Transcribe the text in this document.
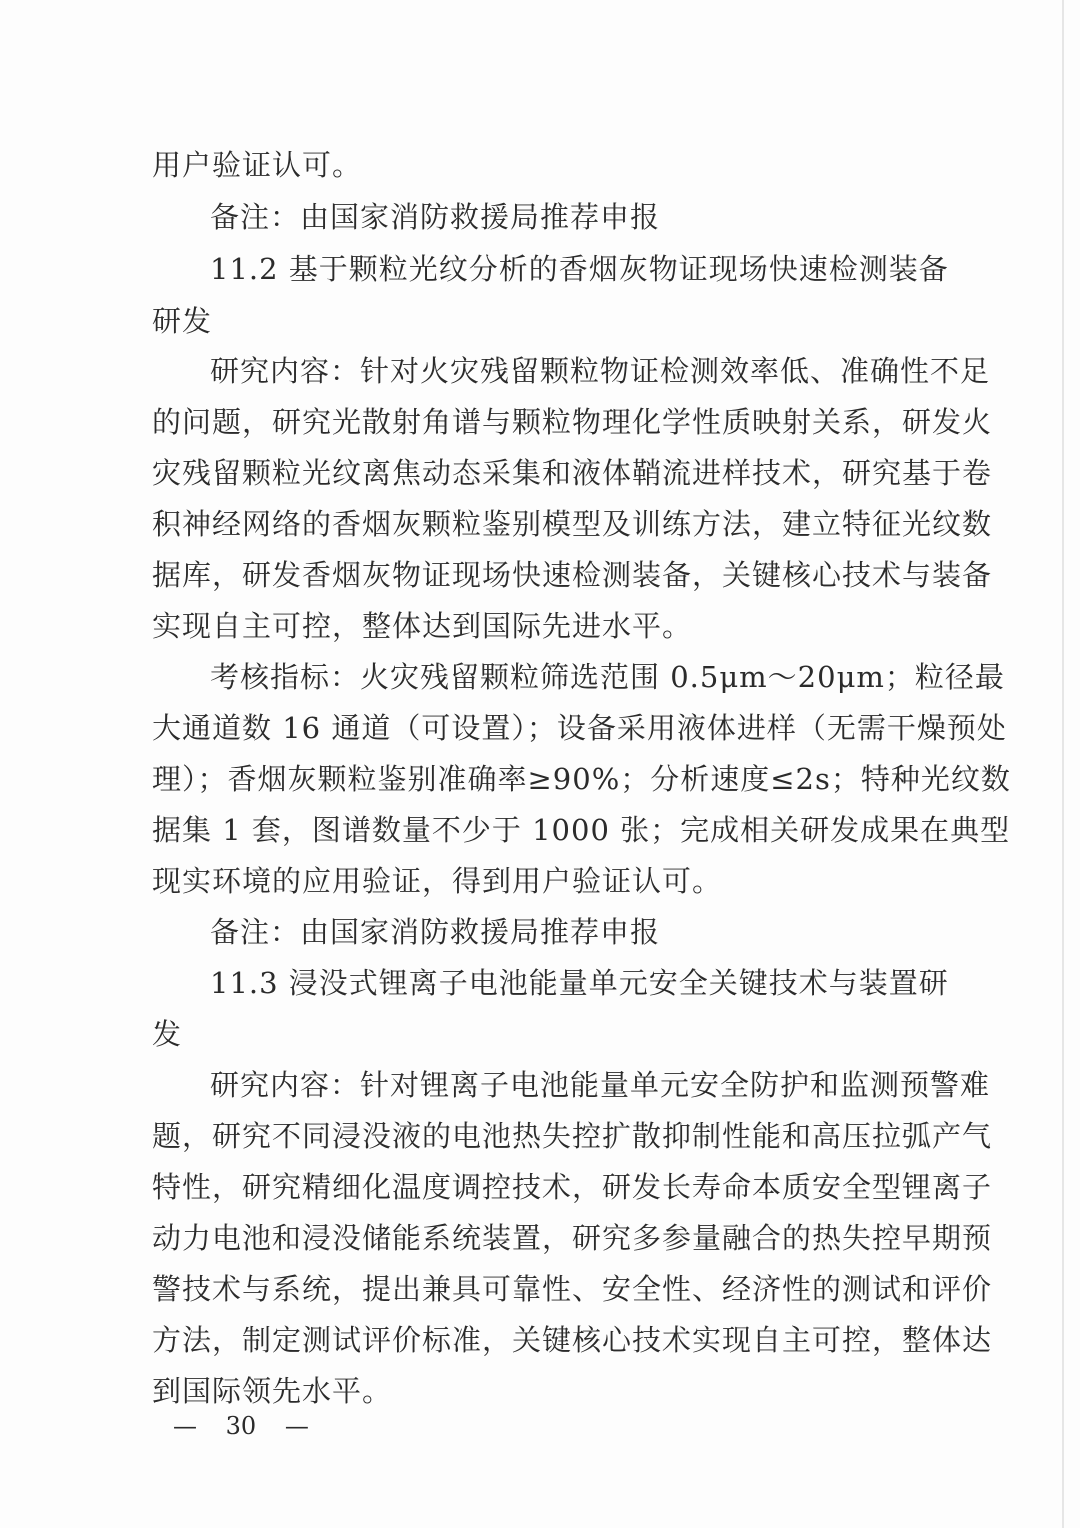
用户验证认可。
备注：由国家消防救援局推荐申报
11.2 基于颗粒光纹分析的香烟灰物证现场快速检测装备
研发
研究内容：针对火灾残留颗粒物证检测效率低、准确性不足
的问题，研究光散射角谱与颗粒物理化学性质映射关系，研发火
灾残留颗粒光纹离焦动态采集和液体鞘流进样技术，研究基于卷
积神经网络的香烟灰颗粒鉴别模型及训练方法，建立特征光纹数
据库，研发香烟灰物证现场快速检测装备，关键核心技术与装备
实现自主可控，整体达到国际先进水平。
考核指标：火灾残留颗粒筛选范围 0.5μm～20μm；粒径最
大通道数 16 通道（可设置）；设备采用液体进样（无需干燥预处
理）；香烟灰颗粒鉴别准确率≥90%；分析速度≤2s；特种光纹数
据集 1 套，图谱数量不少于 1000 张；完成相关研发成果在典型
现实环境的应用验证，得到用户验证认可。
备注：由国家消防救援局推荐申报
11.3 浸没式锂离子电池能量单元安全关键技术与装置研
发
研究内容：针对锂离子电池能量单元安全防护和监测预警难
题，研究不同浸没液的电池热失控扩散抑制性能和高压拉弧产气
特性，研究精细化温度调控技术，研发长寿命本质安全型锂离子
动力电池和浸没储能系统装置，研究多参量融合的热失控早期预
警技术与系统，提出兼具可靠性、安全性、经济性的测试和评价
方法，制定测试评价标准，关键核心技术实现自主可控，整体达
到国际领先水平。
— 30 —
